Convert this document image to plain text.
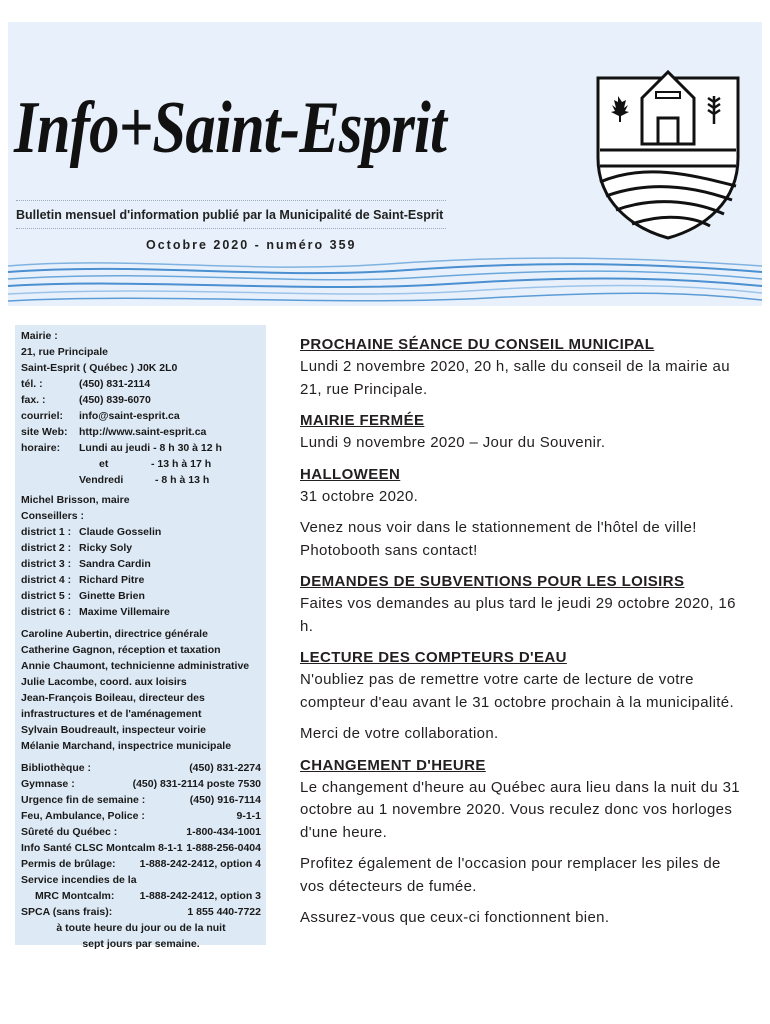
Info+Saint-Esprit
Bulletin mensuel d'information publié par la Municipalité de Saint-Esprit
Octobre 2020 - numéro 359
Mairie :
21, rue Principale
Saint-Esprit ( Québec ) J0K 2L0
tél. :	(450) 831-2114
fax. :	(450) 839-6070
courriel:	info@saint-esprit.ca
site Web:	http://www.saint-esprit.ca
horaire:	Lundi au jeudi - 8 h 30 à 12 h
et	- 13 h à 17 h
Vendredi	- 8 h à 13 h
Michel Brisson, maire
Conseillers :
district 1 : Claude Gosselin
district 2 : Ricky Soly
district 3 : Sandra Cardin
district 4 : Richard Pitre
district 5 : Ginette Brien
district 6 : Maxime Villemaire
Caroline Aubertin, directrice générale
Catherine Gagnon, réception et taxation
Annie Chaumont, technicienne administrative
Julie Lacombe, coord. aux loisirs
Jean-François Boileau, directeur des
infrastructures et de l'aménagement
Sylvain Boudreault, inspecteur voirie
Mélanie Marchand, inspectrice municipale
Bibliothèque :	(450) 831-2274
Gymnase :	(450) 831-2114 poste 7530
Urgence fin de semaine :	(450) 916-7114
Feu, Ambulance, Police :	9-1-1
Sûreté du Québec :	1-800-434-1001
Info Santé CLSC Montcalm 8-1-1 1-888-256-0404
Permis de brûlage: 1-888-242-2412, option 4
Service incendies de la
MRC Montcalm: 1-888-242-2412, option 3
SPCA (sans frais):	1 855 440-7722
à toute heure du jour ou de la nuit
sept jours par semaine.

PROCHAINE SÉANCE DU CONSEIL MUNICIPAL

Lundi 2 novembre 2020, 20 h, salle du conseil de la mairie au 21, rue Principale.

MAIRIE FERMÉE

Lundi 9 novembre 2020 – Jour du Souvenir.

HALLOWEEN

31 octobre 2020.

Venez nous voir dans le stationnement de l'hôtel de ville! Photobooth sans contact!

DEMANDES DE SUBVENTIONS POUR LES LOISIRS

Faites vos demandes au plus tard le jeudi 29 octobre 2020, 16 h.

LECTURE DES COMPTEURS D'EAU

N'oubliez pas de remettre votre carte de lecture de votre compteur d'eau avant le 31 octobre prochain à la municipalité.

Merci de votre collaboration.

CHANGEMENT D'HEURE

Le changement d'heure au Québec aura lieu dans la nuit du 31 octobre au 1 novembre 2020. Vous reculez donc vos horloges d'une heure.

Profitez également de l'occasion pour remplacer les piles de vos détecteurs de fumée.

Assurez-vous que ceux-ci fonctionnent bien.
